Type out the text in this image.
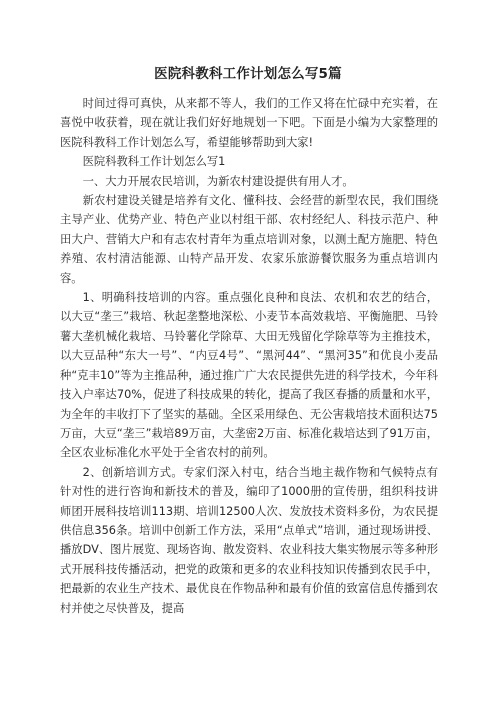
医院科教科工作计划怎么写5篇

时间过得可真快，从来都不等人，我们的工作又将在忙碌中充实着，在喜悦中收获着，现在就让我们好好地规划一下吧。下面是小编为大家整理的医院科教科工作计划怎么写，希望能够帮助到大家!

医院科教科工作计划怎么写1

一、大力开展农民培训，为新农村建设提供有用人才。

新农村建设关键是培养有文化、懂科技、会经营的新型农民，我们围绕主导产业、优势产业、特色产业以村组干部、农村经纪人、科技示范户、种田大户、营销大户和有志农村青年为重点培训对象，以测土配方施肥、特色养殖、农村清洁能源、山特产品开发、农家乐旅游餐饮服务为重点培训内容。

1、明确科技培训的内容。重点强化良种和良法、农机和农艺的结合，以大豆“垄三”栽培、秋起垄整地深松、小麦节本高效栽培、平衡施肥、马铃薯大垄机械化栽培、马铃薯化学除草、大田无残留化学除草等为主推技术，以大豆品种“东大一号”、“内豆4号”、“黑河44”、“黑河35”和优良小麦品种“克丰10”等为主推品种，通过推广广大农民提供先进的科学技术，今年科技入户率达70%，促进了科技成果的转化，提高了我区春播的质量和水平，为全年的丰收打下了坚实的基础。全区采用绿色、无公害栽培技术面积达75万亩，大豆“垄三”栽培89万亩，大垄密2万亩、标准化栽培达到了91万亩，全区农业标准化水平处于全省农村的前列。

2、创新培训方式。专家们深入村屯，结合当地主裁作物和气候特点有针对性的进行咨询和新技术的普及，编印了1000册的宣传册，组织科技讲师团开展科技培训113期、培训12500人次、发放技术资料多份，为农民提供信息356条。培训中创新工作方法，采用“点单式”培训，通过现场讲授、播放DV、图片展览、现场咨询、散发资料、农业科技大集实物展示等多种形式开展科技传播活动，把党的政策和更多的农业科技知识传播到农民手中，把最新的农业生产技术、最优良在作物品种和最有价值的致富信息传播到农村并使之尽快普及，提高
